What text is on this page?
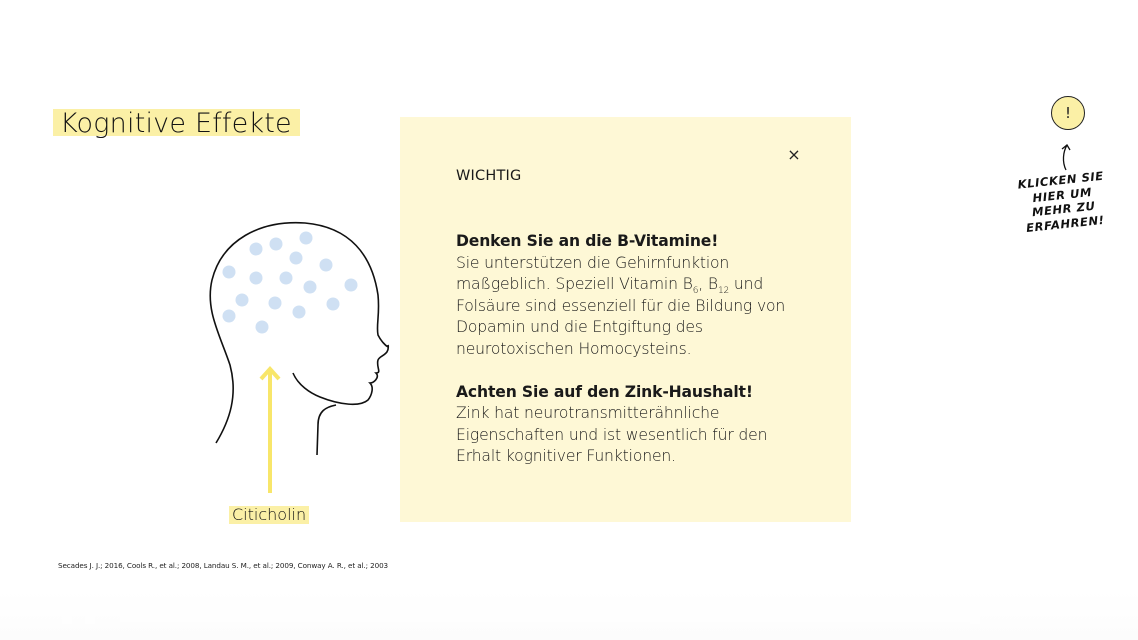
Kognitive Effekte
Citicholin
Secades J. J.; 2016, Cools R., et al.; 2008, Landau S. M., et al.; 2009, Conway A. R., et al.; 2003
!
KLICKEN SIE HIER UM MEHR ZU ERFAHREN!
×
WICHTIG
Denken Sie an die B-Vitamine!

Sie unterstützen die Gehirnfunktion maßgeblich. Speziell Vitamin $B_6$, $B_{12}$ und Folsäure sind essenziell für die Bildung von Dopamin und die Entgiftung des neurotoxischen Homocysteins.

Achten Sie auf den Zink-Haushalt!

Zink hat neurotransmitterähnliche Eigenschaften und ist wesentlich für den Erhalt kognitiver Funktionen.
